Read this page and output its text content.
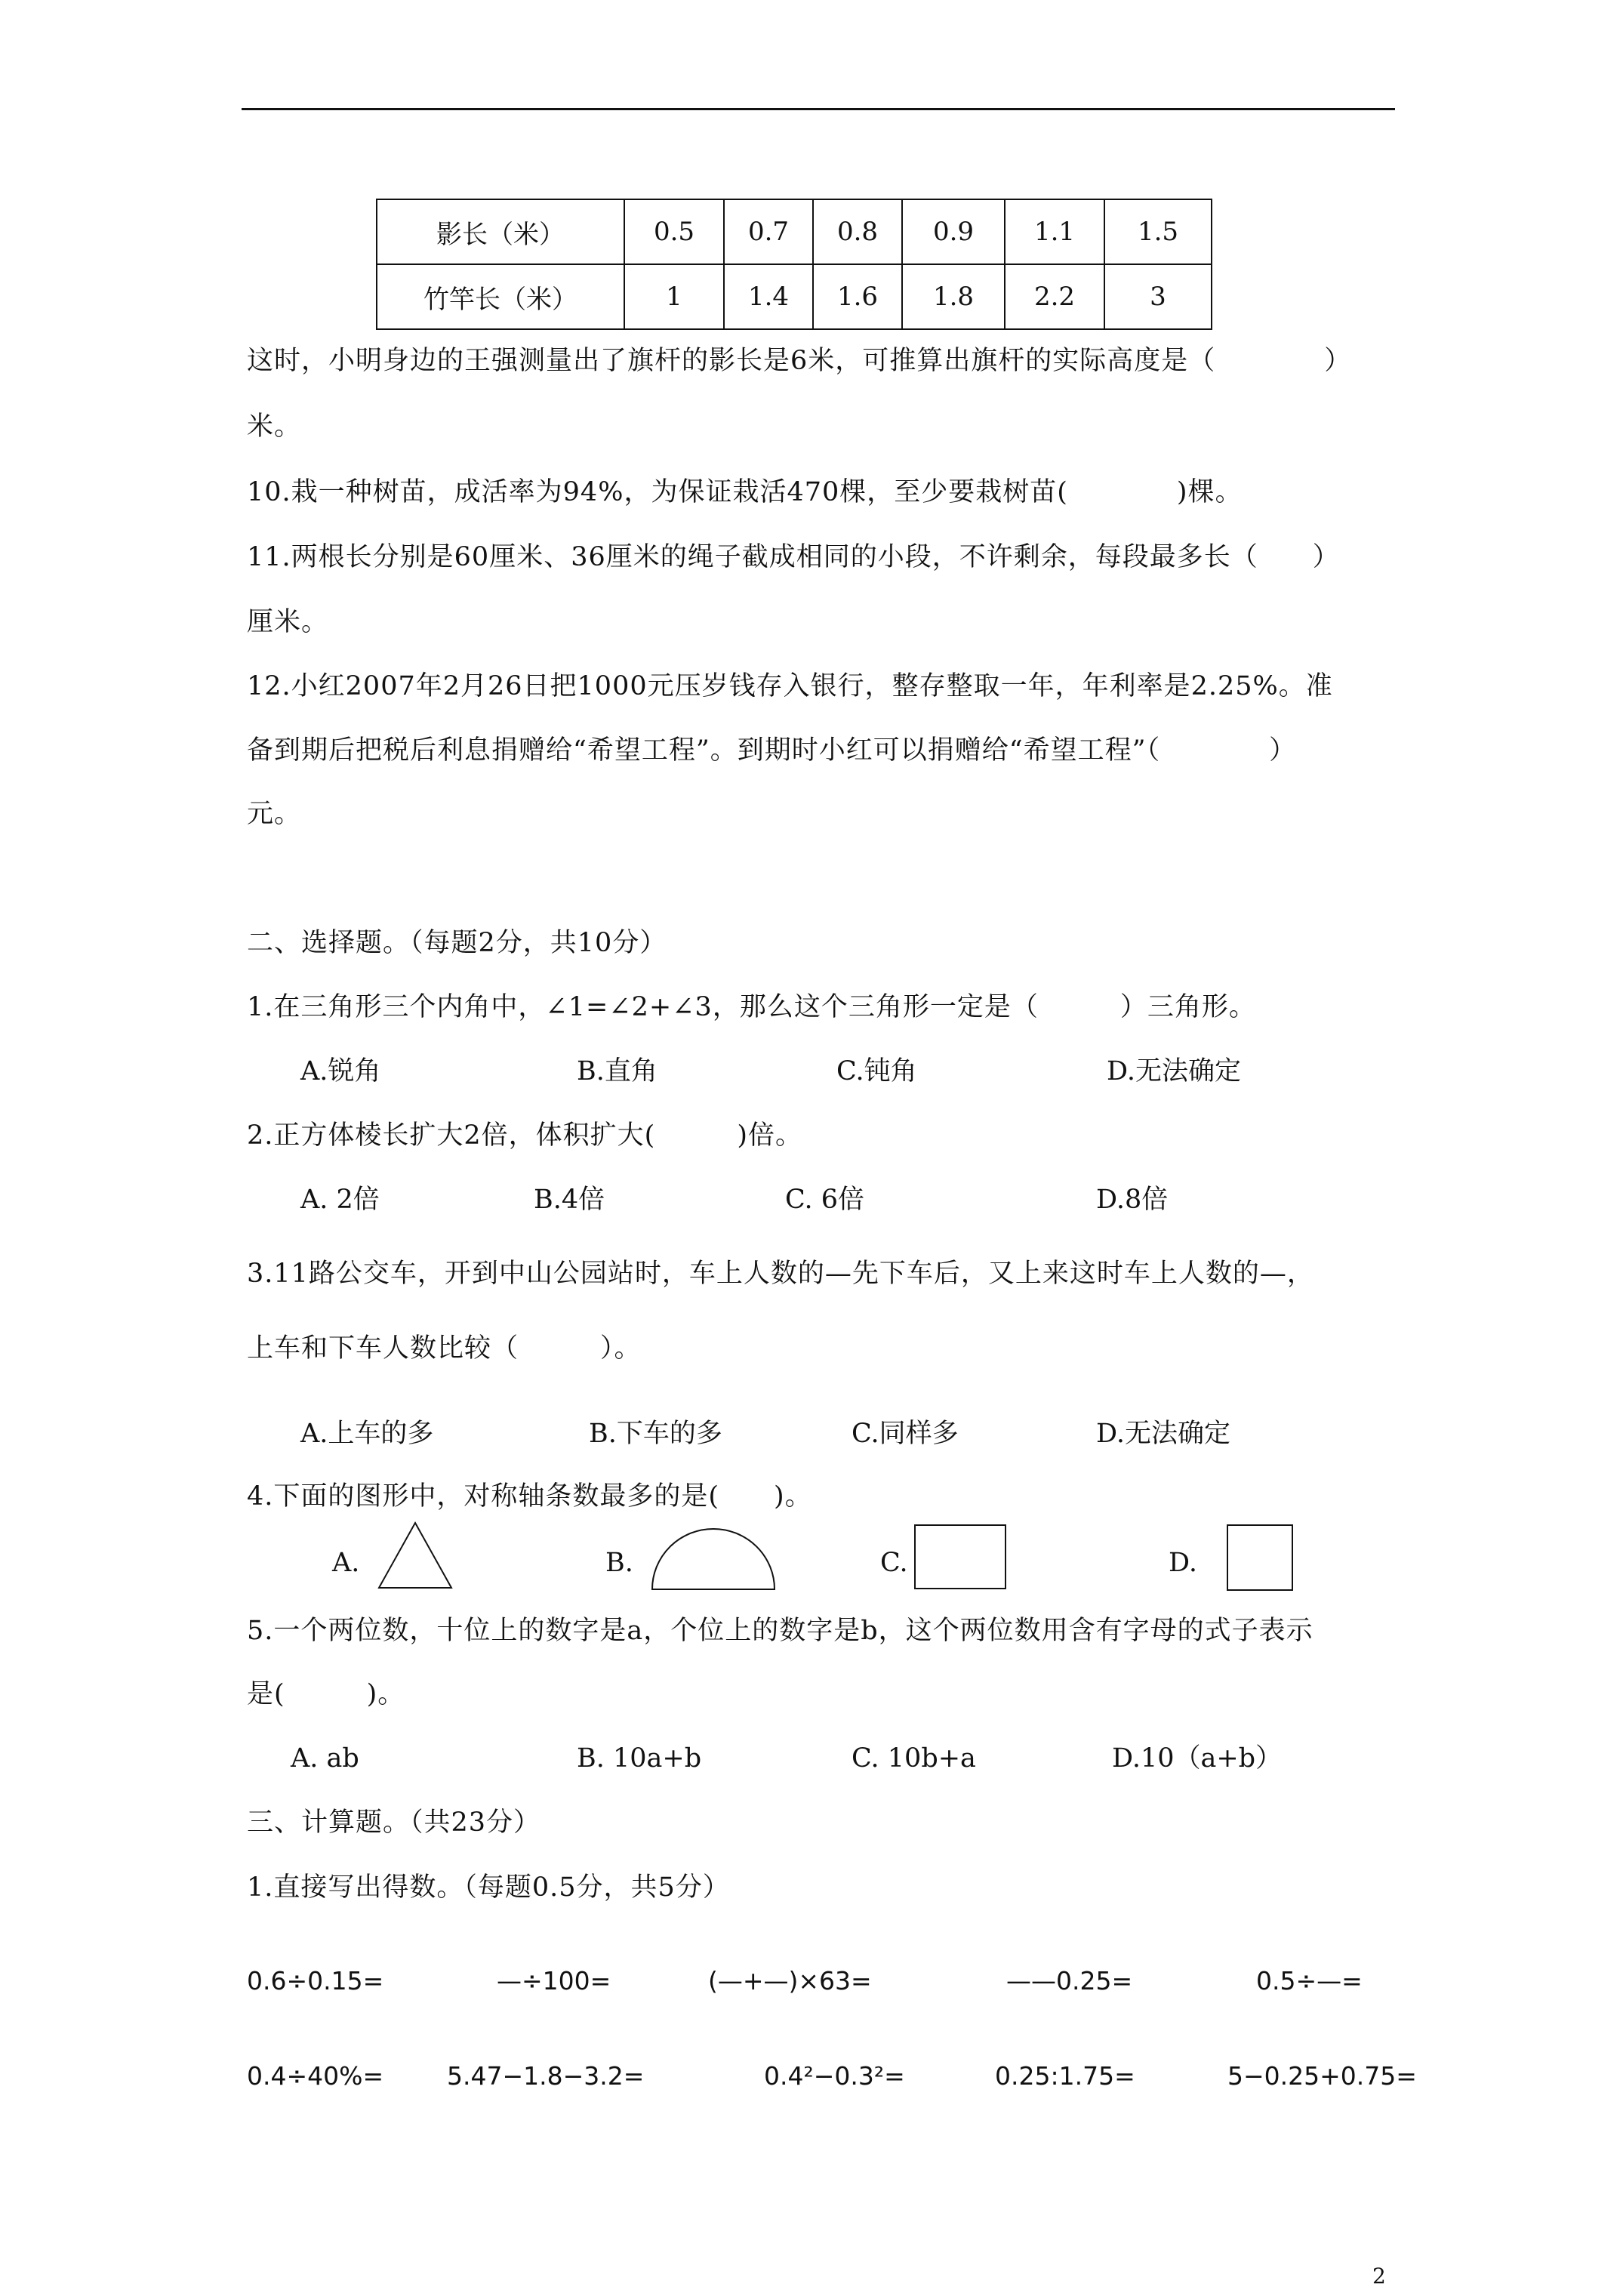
影长（米）	0.5	0.7	0.8	0.9	1.1	1.5
竹竿长（米）	1	1.4	1.6	1.8	2.2	3
这时，小明身边的王强测量出了旗杆的影长是6米，可推算出旗杆的实际高度是（　　　　）
米。
10.栽一种树苗，成活率为94%，为保证栽活470棵，至少要栽树苗(　　　　)棵。
11.两根长分别是60厘米、36厘米的绳子截成相同的小段，不许剩余，每段最多长（　　）
厘米。
12.小红2007年2月26日把1000元压岁钱存入银行，整存整取一年，年利率是2.25%。准
备到期后把税后利息捐赠给“希望工程”。到期时小红可以捐赠给“希望工程”（　　　　）
元。
二、选择题。（每题2分，共10分）
1.在三角形三个内角中，∠1=∠2+∠3，那么这个三角形一定是（　　　）三角形。
A.锐角	B.直角	C.钝角	D.无法确定
2.正方体棱长扩大2倍，体积扩大(　　　)倍。
A. 2倍	B.4倍	C. 6倍	D.8倍
3.11路公交车，开到中山公园站时，车上人数的—先下车后，又上来这时车上人数的—，
上车和下车人数比较（　　　）。
A.上车的多	B.下车的多	C.同样多	D.无法确定
4.下面的图形中，对称轴条数最多的是(　　)。
A.	B.	C.	D.
5.一个两位数，十位上的数字是a，个位上的数字是b，这个两位数用含有字母的式子表示
是(　　　)。
A. ab	B. 10a+b	C. 10b+a	D.10（a+b）
三、计算题。（共23分）
1.直接写出得数。（每题0.5分，共5分）
0.6÷0.15=	—÷100=	(—+—)×63=	——0.25=	0.5÷—=
0.4÷40%=	5.47−1.8−3.2=	0.4²−0.3²=	0.25:1.75=	5−0.25+0.75=
2
